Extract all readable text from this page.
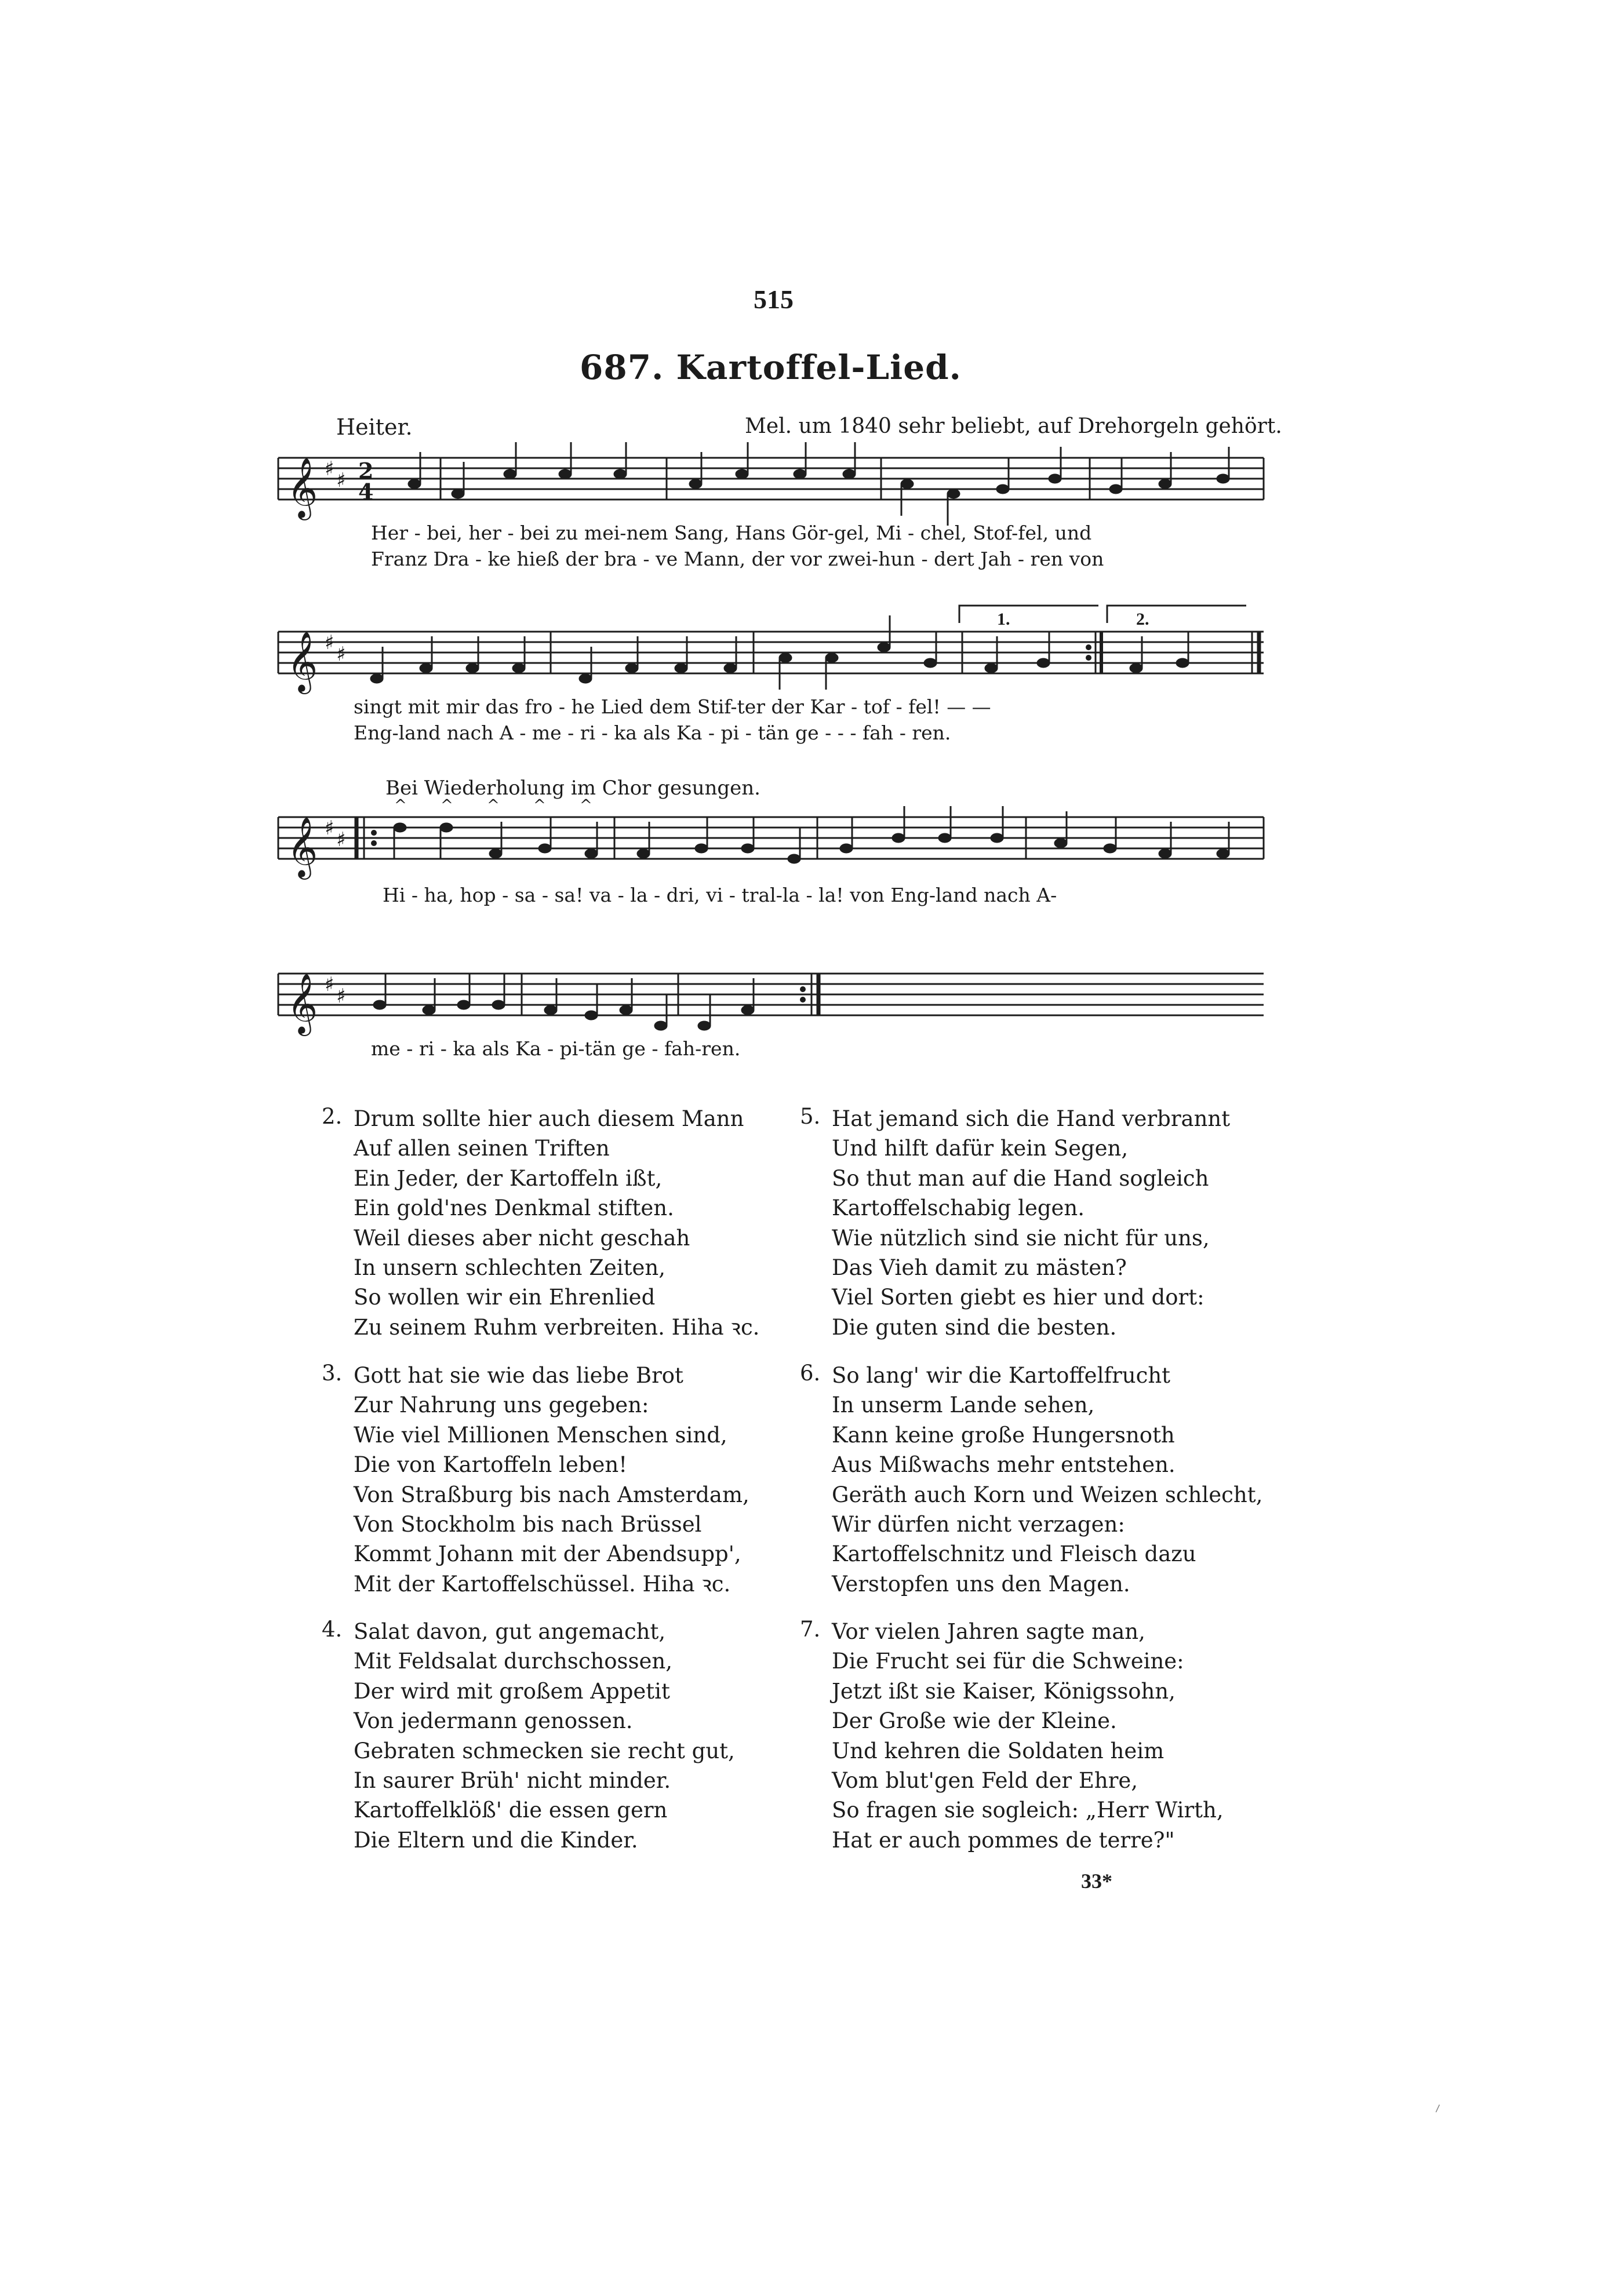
515
687. Kartoffel-Lied.
Heiter.	Mel. um 1840 sehr beliebt, auf Drehorgeln gehört.
𝄞 ♯ ♯ 2
4
𝄞 ♯ ♯
𝄞 ♯ ♯
𝄞 ♯ ♯
^ ^ ^ ^ ^
1.	2.
Her - bei, her - bei zu mei-nem Sang, Hans Gör-gel, Mi - chel, Stof-fel, und
Franz Dra - ke hieß der bra - ve Mann, der vor zwei-hun - dert Jah - ren von
singt mit mir das fro - he Lied dem Stif-ter der Kar - tof - fel! — —
Eng-land nach A - me - ri - ka als Ka - pi - tän ge - - - fah - ren.
Bei Wiederholung im Chor gesungen.
Hi - ha, hop - sa - sa! va - la - dri, vi - tral-la - la! von Eng-land nach A-
me - ri - ka als Ka - pi-tän ge - fah-ren.
2. Drum sollte hier auch diesem Mann
Auf allen seinen Triften
Ein Jeder, der Kartoffeln ißt,
Ein gold'nes Denkmal stiften.
Weil dieses aber nicht geschah
In unsern schlechten Zeiten,
So wollen wir ein Ehrenlied
Zu seinem Ruhm verbreiten. Hiha ꝛc.
3. Gott hat sie wie das liebe Brot
Zur Nahrung uns gegeben:
Wie viel Millionen Menschen sind,
Die von Kartoffeln leben!
Von Straßburg bis nach Amsterdam,
Von Stockholm bis nach Brüssel
Kommt Johann mit der Abendsupp',
Mit der Kartoffelschüssel. Hiha ꝛc.
4. Salat davon, gut angemacht,
Mit Feldsalat durchschossen,
Der wird mit großem Appetit
Von jedermann genossen.
Gebraten schmecken sie recht gut,
In saurer Brüh' nicht minder.
Kartoffelklöß' die essen gern
Die Eltern und die Kinder.
5. Hat jemand sich die Hand verbrannt
Und hilft dafür kein Segen,
So thut man auf die Hand sogleich
Kartoffelschabig legen.
Wie nützlich sind sie nicht für uns,
Das Vieh damit zu mästen?
Viel Sorten giebt es hier und dort:
Die guten sind die besten.
6. So lang' wir die Kartoffelfrucht
In unserm Lande sehen,
Kann keine große Hungersnoth
Aus Mißwachs mehr entstehen.
Geräth auch Korn und Weizen schlecht,
Wir dürfen nicht verzagen:
Kartoffelschnitz und Fleisch dazu
Verstopfen uns den Magen.
7. Vor vielen Jahren sagte man,
Die Frucht sei für die Schweine:
Jetzt ißt sie Kaiser, Königssohn,
Der Große wie der Kleine.
Und kehren die Soldaten heim
Vom blut'gen Feld der Ehre,
So fragen sie sogleich: „Herr Wirth,
Hat er auch pommes de terre?"
33*
⸝
